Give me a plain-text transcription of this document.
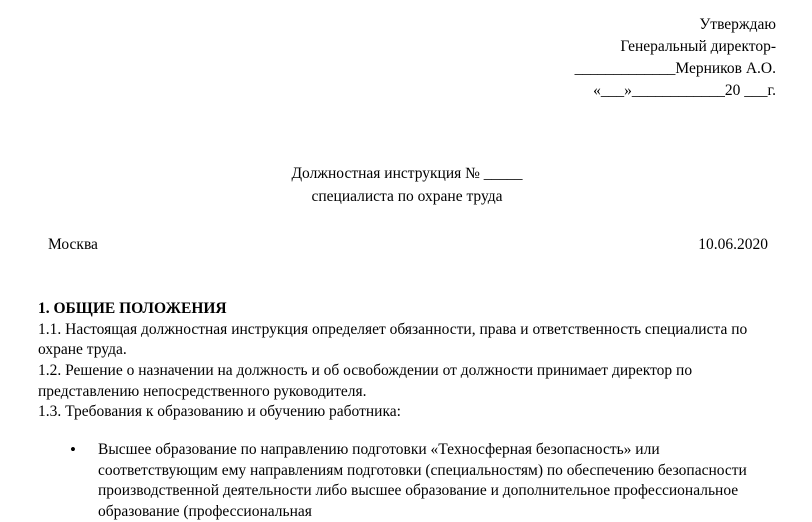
Утверждаю
Генеральный директор-
_____________Мерников А.О.
«___»____________20 ___г.
Должностная инструкция № _____
специалиста по охране труда
Москва	10.06.2020
1. ОБЩИЕ ПОЛОЖЕНИЯ

1.1. Настоящая должностная инструкция определяет обязанности, права и ответственность специалиста по охране труда.

1.2. Решение о назначении на должность и об освобождении от должности принимает директор по представлению непосредственного руководителя.

1.3. Требования к образованию и обучению работника:

• Высшее образование по направлению подготовки «Техносферная безопасность» или соответствующим ему направлениям подготовки (специальностям) по обеспечению безопасности производственной деятельности либо высшее образование и дополнительное профессиональное образование (профессиональная
